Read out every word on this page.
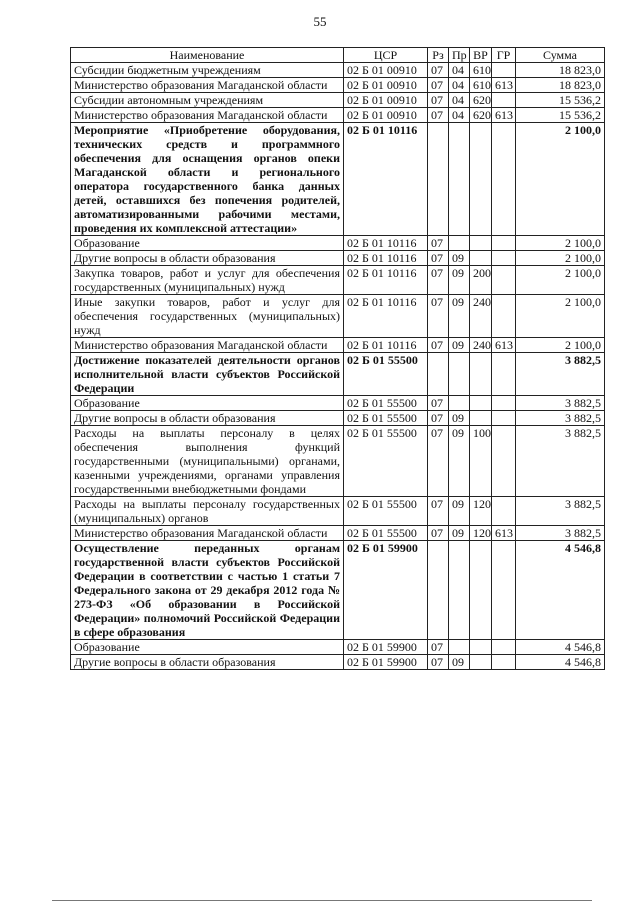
55
Наименование	ЦСР	Рз	Пр	ВР	ГР	Сумма
Субсидии бюджетным учреждениям	02 Б 01 00910	07	04	610		18 823,0
Министерство образования Магаданской области	02 Б 01 00910	07	04	610	613	18 823,0
Субсидии автономным учреждениям	02 Б 01 00910	07	04	620		15 536,2
Министерство образования Магаданской области	02 Б 01 00910	07	04	620	613	15 536,2
Мероприятие «Приобретение оборудования, технических средств и программного обеспечения для оснащения органов опеки Магаданской области и регионального оператора государственного банка данных детей, оставшихся без попечения родителей, автоматизированными рабочими местами, проведения их комплексной аттестации»	02 Б 01 10116					2 100,0
Образование	02 Б 01 10116	07				2 100,0
Другие вопросы в области образования	02 Б 01 10116	07	09			2 100,0
Закупка товаров, работ и услуг для обеспечения государственных (муниципальных) нужд	02 Б 01 10116	07	09	200		2 100,0
Иные закупки товаров, работ и услуг для обеспечения государственных (муниципальных) нужд	02 Б 01 10116	07	09	240		2 100,0
Министерство образования Магаданской области	02 Б 01 10116	07	09	240	613	2 100,0
Достижение показателей деятельности органов исполнительной власти субъектов Российской Федерации	02 Б 01 55500					3 882,5
Образование	02 Б 01 55500	07				3 882,5
Другие вопросы в области образования	02 Б 01 55500	07	09			3 882,5
Расходы на выплаты персоналу в целях обеспечения выполнения функций государственными (муниципальными) органами, казенными учреждениями, органами управления государственными внебюджетными фондами	02 Б 01 55500	07	09	100		3 882,5
Расходы на выплаты персоналу государственных (муниципальных) органов	02 Б 01 55500	07	09	120		3 882,5
Министерство образования Магаданской области	02 Б 01 55500	07	09	120	613	3 882,5
Осуществление переданных органам государственной власти субъектов Российской Федерации в соответствии с частью 1 статьи 7 Федерального закона от 29 декабря 2012 года № 273-ФЗ «Об образовании в Российской Федерации» полномочий Российской Федерации в сфере образования	02 Б 01 59900					4 546,8
Образование	02 Б 01 59900	07				4 546,8
Другие вопросы в области образования	02 Б 01 59900	07	09			4 546,8
